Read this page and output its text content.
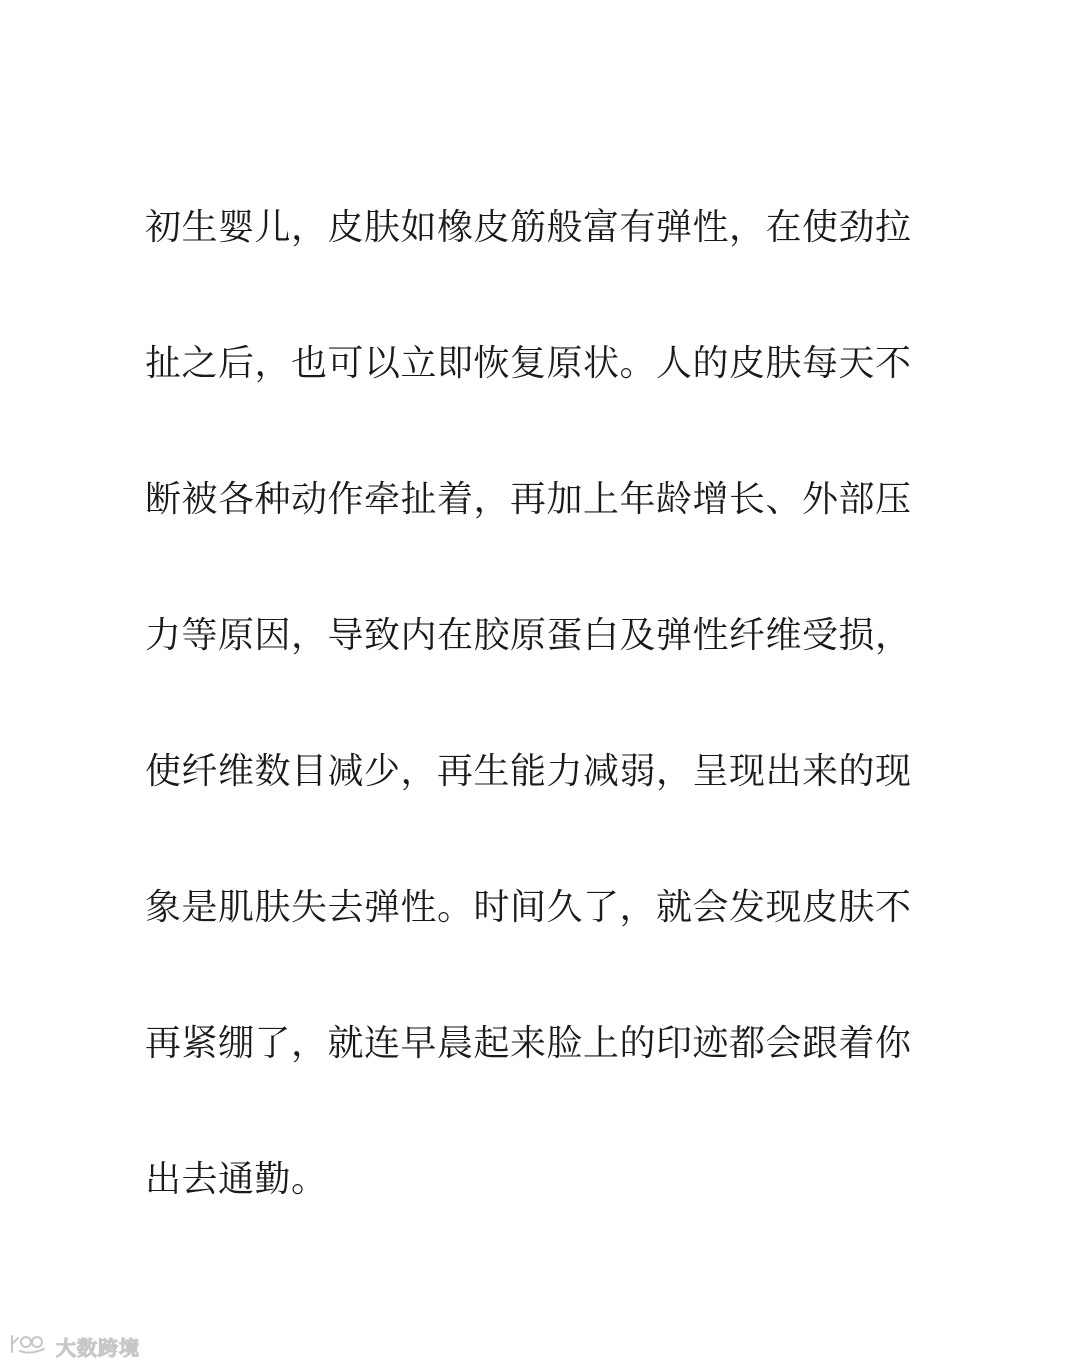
初生婴儿，皮肤如橡皮筋般富有弹性，在使劲拉
扯之后，也可以立即恢复原状。人的皮肤每天不
断被各种动作牵扯着，再加上年龄增长、外部压
力等原因，导致内在胶原蛋白及弹性纤维受损，
使纤维数目减少，再生能力减弱，呈现出来的现
象是肌肤失去弹性。时间久了，就会发现皮肤不
再紧绷了，就连早晨起来脸上的印迹都会跟着你
出去通勤。
大数跨境
